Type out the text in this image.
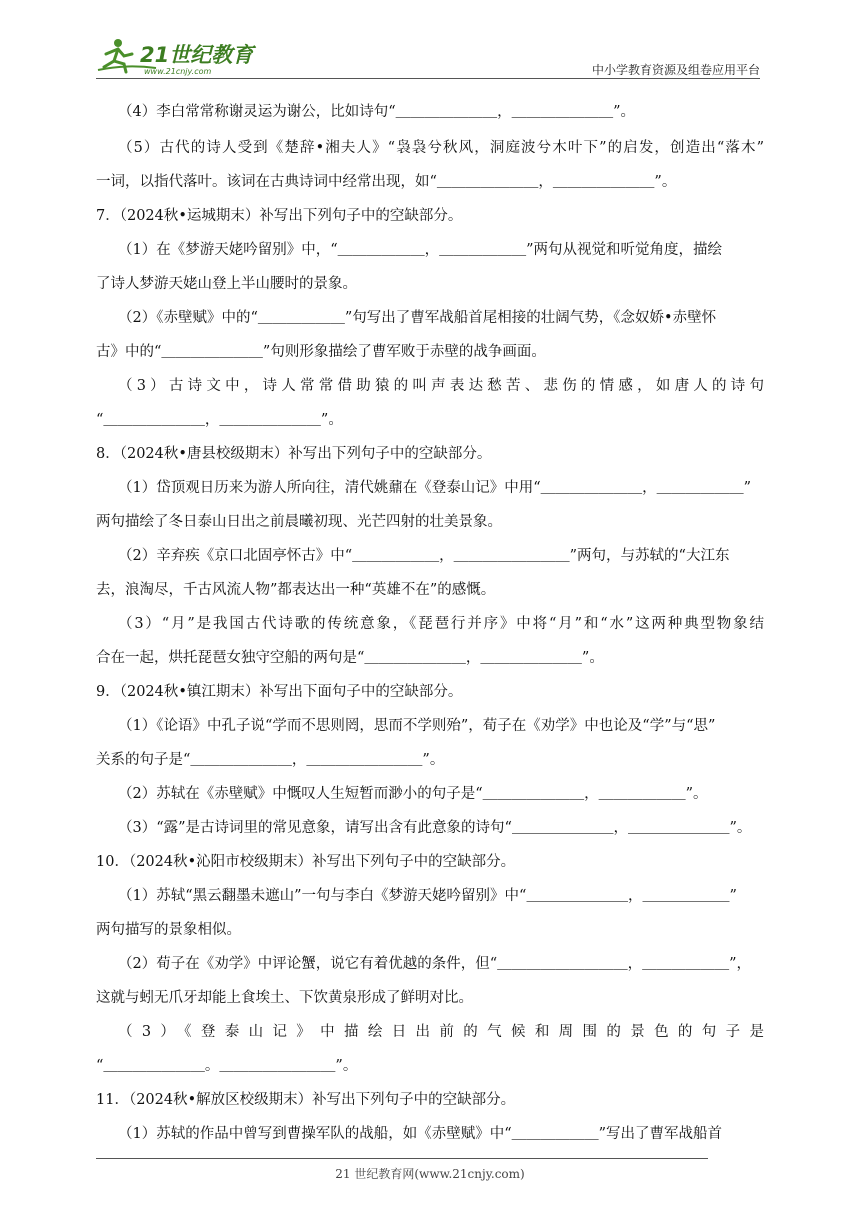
21世纪教育
www.21cnjy.com	中小学教育资源及组卷应用平台
（4）李白常常称谢灵运为谢公，比如诗句“＿＿＿＿＿＿＿，＿＿＿＿＿＿＿”。
（5）古代的诗人受到《楚辞•湘夫人》“袅袅兮秋风，洞庭波兮木叶下”的启发，创造出“落木”
一词，以指代落叶。该词在古典诗词中经常出现，如“＿＿＿＿＿＿＿，＿＿＿＿＿＿＿”。
7．（2024秋•运城期末）补写出下列句子中的空缺部分。
（1）在《梦游天姥吟留别》中，“＿＿＿＿＿＿，＿＿＿＿＿＿”两句从视觉和听觉角度，描绘
了诗人梦游天姥山登上半山腰时的景象。
（2）《赤壁赋》中的“＿＿＿＿＿＿”句写出了曹军战船首尾相接的壮阔气势，《念奴娇•赤壁怀
古》中的“＿＿＿＿＿＿＿”句则形象描绘了曹军败于赤壁的战争画面。
（3）古诗文中，诗人常常借助猿的叫声表达愁苦、悲伤的情感，如唐人的诗句
“＿＿＿＿＿＿＿，＿＿＿＿＿＿＿”。
8．（2024秋•唐县校级期末）补写出下列句子中的空缺部分。
（1）岱顶观日历来为游人所向往，清代姚鼐在《登泰山记》中用“＿＿＿＿＿＿＿，＿＿＿＿＿＿”
两句描绘了冬日泰山日出之前晨曦初现、光芒四射的壮美景象。
（2）辛弃疾《京口北固亭怀古》中“＿＿＿＿＿＿，＿＿＿＿＿＿＿＿”两句，与苏轼的“大江东
去，浪淘尽，千古风流人物”都表达出一种“英雄不在”的感慨。
（3）“月”是我国古代诗歌的传统意象，《琵琶行并序》中将“月”和“水”这两种典型物象结
合在一起，烘托琵琶女独守空船的两句是“＿＿＿＿＿＿＿，＿＿＿＿＿＿＿”。
9．（2024秋•镇江期末）补写出下面句子中的空缺部分。
（1）《论语》中孔子说“学而不思则罔，思而不学则殆”，荀子在《劝学》中也论及“学”与“思”
关系的句子是“＿＿＿＿＿＿＿，＿＿＿＿＿＿＿＿”。
（2）苏轼在《赤壁赋》中慨叹人生短暂而渺小的句子是“＿＿＿＿＿＿＿，＿＿＿＿＿＿”。
（3）“露”是古诗词里的常见意象，请写出含有此意象的诗句“＿＿＿＿＿＿＿，＿＿＿＿＿＿＿”。
10．（2024秋•沁阳市校级期末）补写出下列句子中的空缺部分。
（1）苏轼“黑云翻墨未遮山”一句与李白《梦游天姥吟留别》中“＿＿＿＿＿＿＿，＿＿＿＿＿＿”
两句描写的景象相似。
（2）荀子在《劝学》中评论蟹，说它有着优越的条件，但“＿＿＿＿＿＿＿＿＿，＿＿＿＿＿＿”，
这就与蚓无爪牙却能上食埃土、下饮黄泉形成了鲜明对比。
（3）《登泰山记》中描绘日出前的气候和周围的景色的句子是
“＿＿＿＿＿＿＿。＿＿＿＿＿＿＿＿”。
11．（2024秋•解放区校级期末）补写出下列句子中的空缺部分。
（1）苏轼的作品中曾写到曹操军队的战船，如《赤壁赋》中“＿＿＿＿＿＿”写出了曹军战船首
21 世纪教育网(www.21cnjy.com)
